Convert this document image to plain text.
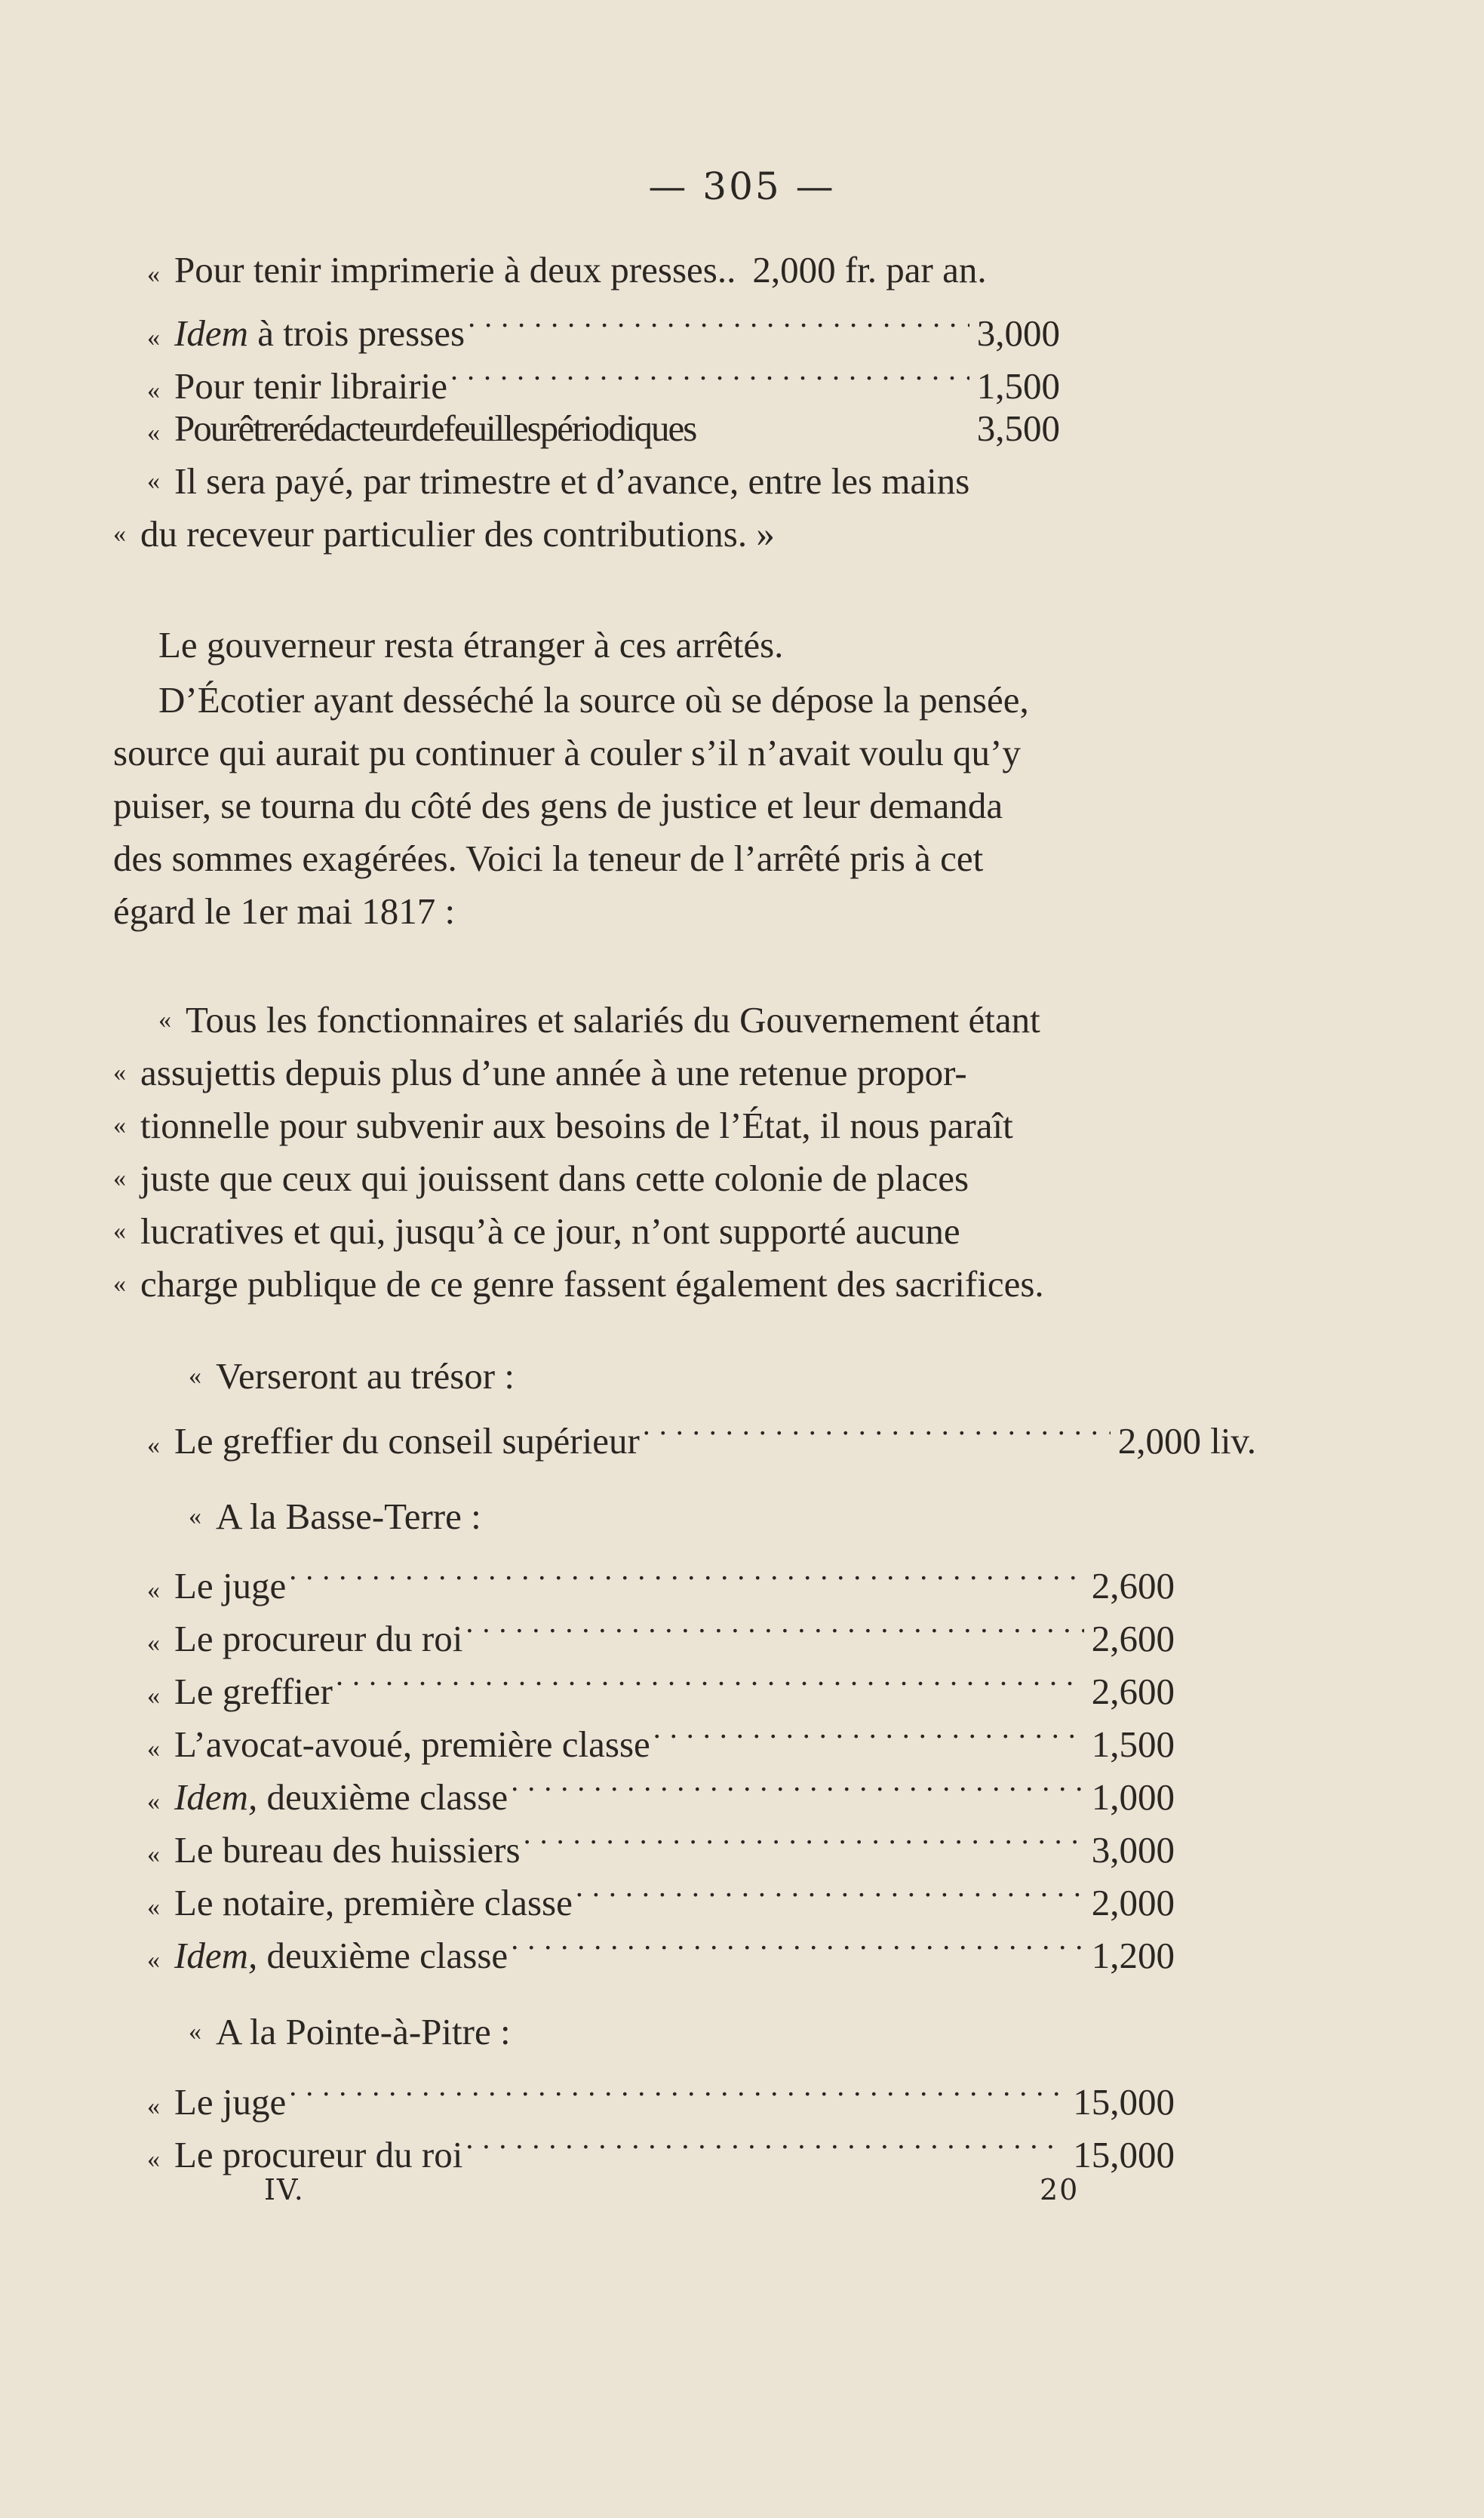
— 305 —
« Pour tenir imprimerie à deux presses.. 2,000 fr. par an.
« Idem à trois presses . . .	3,000
« Pour tenir librairie . . .	1,500
« Pourêtrerédacteurdefeuillespériodiques	3,500
« Il sera payé, par trimestre et d’avance, entre les mains
« du receveur particulier des contributions. »
Le gouverneur resta étranger à ces arrêtés.
D’Écotier ayant desséché la source où se dépose la pensée,
source qui aurait pu continuer à couler s’il n’avait voulu qu’y
puiser, se tourna du côté des gens de justice et leur demanda
des sommes exagérées. Voici la teneur de l’arrêté pris à cet
égard le 1er mai 1817 :
« Tous les fonctionnaires et salariés du Gouvernement étant
« assujettis depuis plus d’une année à une retenue propor-
« tionnelle pour subvenir aux besoins de l’État, il nous paraît
« juste que ceux qui jouissent dans cette colonie de places
« lucratives et qui, jusqu’à ce jour, n’ont supporté aucune
« charge publique de ce genre fassent également des sacrifices.
« Verseront au trésor :
« Le greffier du conseil supérieur . . .	2,000 liv.
« A la Basse-Terre :
« Le juge . . .	2,600
« Le procureur du roi . . .	2,600
« Le greffier . . .	2,600
« L’avocat-avoué, première classe . . .	1,500
« Idem, deuxième classe . . .	1,000
« Le bureau des huissiers . . .	3,000
« Le notaire, première classe . . .	2,000
« Idem, deuxième classe . . .	1,200
« A la Pointe-à-Pitre :
« Le juge . . .	15,000
« Le procureur du roi . . .	15,000
IV.	20
